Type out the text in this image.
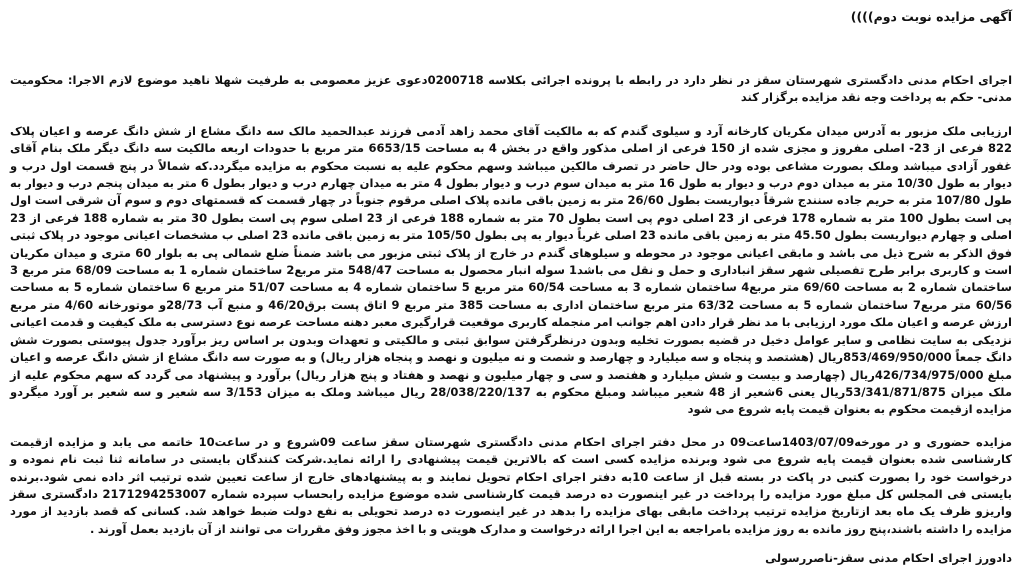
آگهی مزایده نوبت دوم))))

اجرای احکام مدنی دادگستری شهرستان سقز در نظر دارد در رابطه با پرونده اجرائی بکلاسه 0200718دعوی عزیز معصومی به طرفیت شهلا ناهید موضوع لازم الاجرا: محکومیت مدنی- حکم به پرداخت وجه نقد مزایده برگزار کند

ارزیابی ملک مزبور به آدرس میدان مکریان کارخانه آرد و سیلوی گندم که به مالکیت آقای محمد زاهد آدمی فرزند عبدالحمید مالک سه دانگ مشاع از شش دانگ عرصه و اعیان پلاک 822 فرعی از 23- اصلی مفروز و مجزی شده از 150 فرعی از اصلی مذکور واقع در بخش 4 به مساحت 6653/15 متر مربع با حدودات اربعه مالکیت سه دانگ دیگر ملک بنام آقای غفور آزادی میباشد وملک بصورت مشاعی بوده ودر حال حاضر در تصرف مالکین میباشد وسهم محکوم علیه به نسبت محکوم به مزایده میگردد.که شمالاً در پنج قسمت اول درب و دیوار به طول 10/30 متر به میدان دوم درب و دیوار به طول 16 متر به میدان سوم درب و دیوار بطول 4 متر به میدان چهارم درب و دیوار بطول 6 متر به میدان پنجم درب و دیوار به طول 107/80 متر به حریم جاده سنندج شرقاً دیواریست بطول 26/60 متر به زمین باقی مانده پلاک اصلی مرقوم جنوباً در چهار قسمت که قسمتهای دوم و سوم آن شرقی است اول پی است بطول 100 متر به شماره 178 فرعی از 23 اصلی دوم پی است بطول 70 متر به شماره 188 فرعی از 23 اصلی سوم پی است بطول 30 متر به شماره 188 فرعی از 23 اصلی و چهارم دیواریست بطول 45.50 متر به زمین باقی مانده 23 اصلی غرباً دیوار به پی بطول 105/50 متر به زمین باقی مانده 23 اصلی ب مشخصات اعیانی موجود در پلاک ثبتی فوق الذکر به شرح ذیل می باشد و مابقی اعیانی موجود در محوطه و سیلوهای گندم در خارج از پلاک ثبتی مزبور می باشد ضمناً ضلع شمالی پی به بلوار 60 متری و میدان مکریان است و کاربری برابر طرح تفصیلی شهر سقز انباداری و حمل و نقل می باشد1 سوله انبار محصول به مساحت 548/47 متر مربع2 ساختمان شماره 1 به مساحت 68/09 متر مربع 3 ساختمان شماره 2 به مساحت 69/60 متر مربع4 ساختمان شماره 3 به مساحت 60/54 متر مربع 5 ساختمان شماره 4 به مساحت 51/07 متر مربع 6 ساختمان شماره 5 به مساحت 60/56 متر مربع7 ساختمان شماره 5 به مساحت 63/32 متر مربع ساختمان اداری به مساحت 385 متر مربع 9 اتاق پست برق46/20 و منبع آب 28/73و موتورخانه 4/60 متر مربع ارزش عرصه و اعیان ملک مورد ارزیابی با مد نظر قرار دادن اهم جوانب امر منجمله کاربری موقعیت قرارگیری معبر دهنه مساحت عرصه نوع دسترسی به ملک کیفیت و قدمت اعیانی نزدیکی به سایت نظامی و سایر عوامل دخیل در قضیه بصورت تخلیه وبدون درنظرگرفتن سوابق ثبتی و مالکیتی و تعهدات وبدون بر اساس ریز برآورد جدول پیوستی بصورت شش دانگ جمعاً 853/469/950/000ریال (هشتصد و پنجاه و سه میلیارد و چهارصد و شصت و نه میلیون و نهصد و پنجاه هزار ریال) و به صورت سه دانگ مشاع از شش دانگ عرصه و اعیان مبلغ 426/734/975/000ریال (چهارصد و بیست و شش میلیارد و هفتصد و سی و چهار میلیون و نهصد و هفتاد و پنج هزار ریال) برآورد و پیشنهاد می گردد که سهم محکوم علیه از ملک میزان 53/341/871/875ریال یعنی 6شعیر از 48 شعیر میباشد ومبلغ محکوم به 28/038/220/137 ریال میباشد وملک به میزان 3/153 سه شعیر و سه شعیر بر آورد میگردو مزایده ازقیمت محکوم به بعنوان قیمت پایه شروع می شود

مزایده حضوری و در مورخه1403/07/09ساعت09 در محل دفتر اجرای احکام مدنی دادگستری شهرستان سقز ساعت 09شروع و در ساعت10 خاتمه می یابد و مزایده ازقیمت کارشناسی شده بعنوان قیمت پایه شروع می شود وبرنده مزایده کسی است که بالاترین قیمت پیشنهادی را ارائه نماید.شرکت کنندگان بایستی در سامانه ثنا ثبت نام نموده و درخواست خود را بصورت کتبی در پاکت در بسته قبل از ساعت 10به دفتر اجرای احکام تحویل نمایند و به پیشنهادهای خارج از ساعت تعیین شده ترتیب اثر داده نمی شود.برنده بایستی فی المجلس کل مبلغ مورد مزایده را پرداخت در غیر اینصورت ده درصد قیمت کارشناسی شده موضوع مزایده رابحساب سپرده شماره 2171294253007 دادگستری سقز واریزو ظرف یک ماه بعد ازتاریخ مزایده ترتیب پرداخت مابقی بهای مزایده را بدهد در غیر اینصورت ده درصد تحویلی به نفع دولت ضبط خواهد شد. کسانی که قصد بازدید از مورد مزایده را داشته باشند،پنج روز مانده به روز مزایده بامراجعه به این اجرا ارائه درخواست و مدارک هویتی و با اخذ مجوز وفق مقررات می توانند از آن بازدید بعمل آورند .

دادورز اجرای احکام مدنی سقز-ناصررسولی
